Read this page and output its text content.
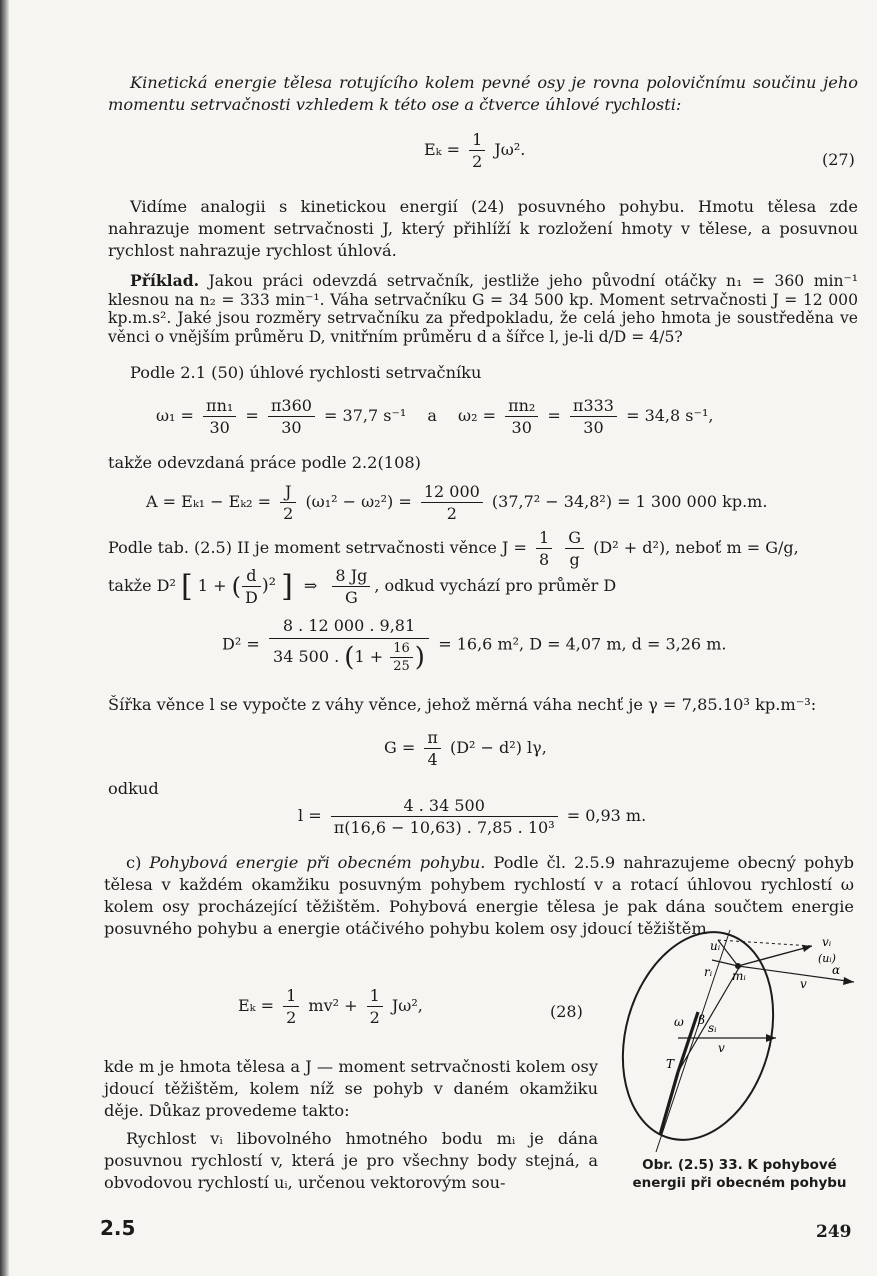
Kinetická energie tělesa rotujícího kolem pevné osy je rovna polovičnímu součinu jeho momentu setrvačnosti vzhledem k této ose a čtverce úhlové rychlosti:
$E_k = \frac{1}{2} J\omega^2$.
(27)
Vidíme analogii s kinetickou energií (24) posuvného pohybu. Hmotu tělesa zde nahrazuje moment setrvačnosti J, který přihlíží k rozložení hmoty v tělese, a posuvnou rychlost nahrazuje rychlost úhlová.
Příklad. Jakou práci odevzdá setrvačník, jestliže jeho původní otáčky n₁ = 360 min⁻¹ klesnou na n₂ = 333 min⁻¹. Váha setrvačníku G = 34 500 kp. Moment setrvačnosti J = 12 000 kp.m.s². Jaké jsou rozměry setrvačníku za předpokladu, že celá jeho hmota je soustředěna ve věnci o vnějším průměru D, vnitřním průměru d a šířce l, je-li d/D = 4/5?
Podle 2.1 (50) úhlové rychlosti setrvačníku
$\omega_1 = \frac{\text{πn₁}}{30} = \frac{\pi 360}{30} = 37,7$ s⁻¹ a $\omega_2 = \frac{\text{πn₂}}{30} = \frac{\pi 333}{30} = 34,8$ s⁻¹,
takže odevzdaná práce podle 2.2(108)
$A = E_{k1} - E_{k2} = \frac{J}{2} (\omega_1^2 - \omega_2^2) = \frac{12 000}{2} (37,7^2 - 34,8^2) = 1$ 300 000 kp.m.
Podle tab. (2.5) II je moment setrvačnosti věnce $J = \frac{1}{8}$
$\frac{G}{g} (D^2 + d^2)$, neboť m = G/g,
takže D² [ 1 + ( $\frac{d}{D} )^2$ ] ⇒ $\frac{8 Jg}{G}$ , odkud vychází pro průměr D
$D^2 = \frac{8 . 12 000 . 9,81}{34 500 . (1 + \frac{16}{25} )} = 16,6$ m², D = 4,07 m, d = 3,26 m.
Šířka věnce l se vypočte z váhy věnce, jehož měrná váha nechť je γ = 7,85.10³ kp.m⁻³:
$G = \frac{\pi}{4} (D^2 - d^2)$ lγ,
odkud
$l = \frac{4 . 34 500}{\text{π(16,6 − 10,63) . 7,85 . 10³}} = 0,93$ m.
c) Pohybová energie při obecném pohybu. Podle čl. 2.5.9 nahrazujeme obecný pohyb tělesa v každém okamžiku posuvným pohybem rychlostí v a rotací úhlovou rychlostí ω kolem osy procházející těžištěm. Pohybová energie tělesa je pak dána součtem energie posuvného pohybu a energie otáčivého pohybu kolem osy jdoucí těžištěm
$E_k = \frac{1}{2} mv^2 + \frac{1}{2} J\omega^2$,	(28)
kde m je hmota tělesa a J — moment setrvačnosti kolem osy jdoucí těžištěm, kolem níž se pohyb v daném okamžiku děje. Důkaz provedeme takto:
Rychlost vᵢ libovolného hmotného bodu mᵢ je dána posuvnou rychlostí v, která je pro všechny body stejná, a obvodovou rychlostí uᵢ, určenou vektorovým sou-
uᵢ	vᵢ
rᵢ mᵢ	α
(uᵢ)
v
ω β
sᵢ
T
v
Obr. (2.5) 33. K pohybové
energii při obecném pohybu
2.5	249
